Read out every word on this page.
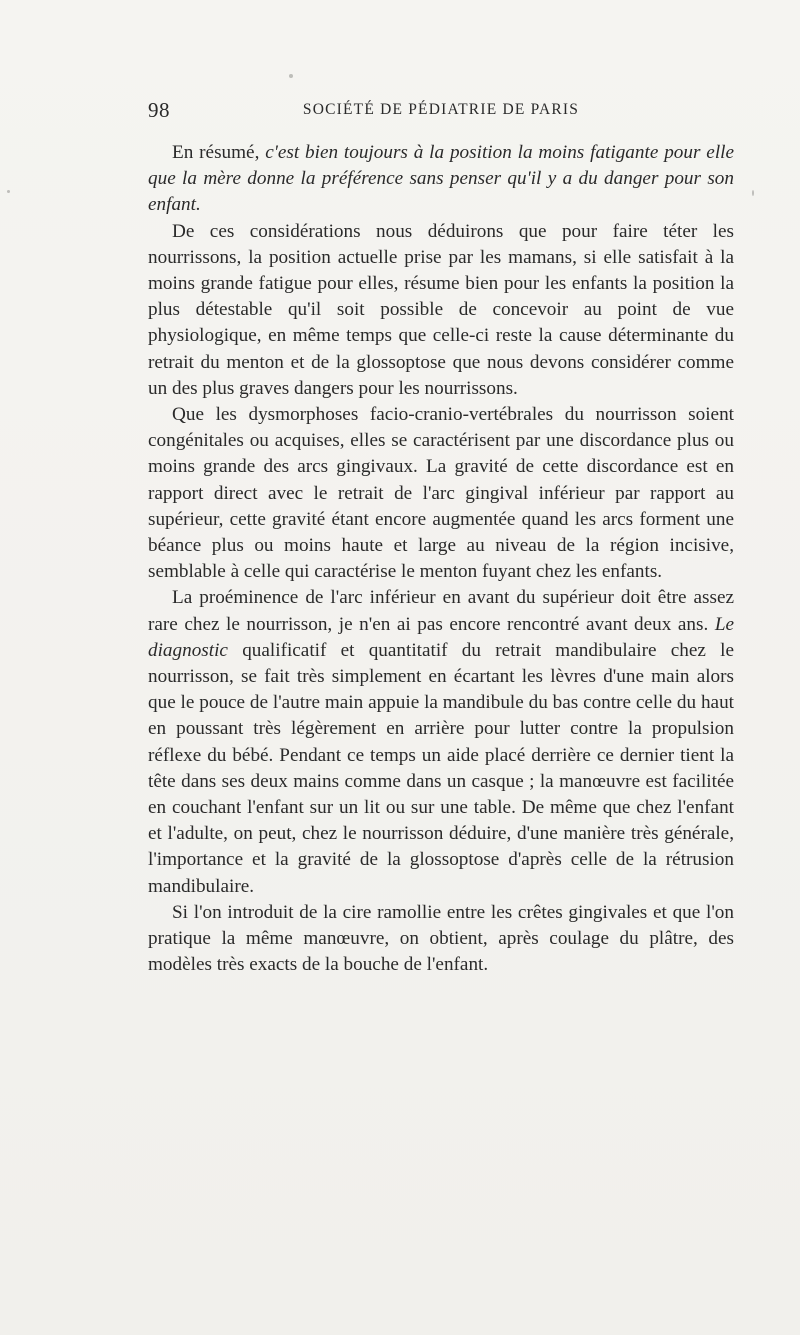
98	SOCIÉTÉ DE PÉDIATRIE DE PARIS

En résumé, c'est bien toujours à la position la moins fatigante pour elle que la mère donne la préférence sans penser qu'il y a du danger pour son enfant.

De ces considérations nous déduirons que pour faire téter les nourrissons, la position actuelle prise par les mamans, si elle satisfait à la moins grande fatigue pour elles, résume bien pour les enfants la position la plus détestable qu'il soit possible de concevoir au point de vue physiologique, en même temps que celle-ci reste la cause déterminante du retrait du menton et de la glossoptose que nous devons considérer comme un des plus graves dangers pour les nourrissons.

Que les dysmorphoses facio-cranio-vertébrales du nourrisson soient congénitales ou acquises, elles se caractérisent par une discordance plus ou moins grande des arcs gingivaux. La gravité de cette discordance est en rapport direct avec le retrait de l'arc gingival inférieur par rapport au supérieur, cette gravité étant encore augmentée quand les arcs forment une béance plus ou moins haute et large au niveau de la région incisive, semblable à celle qui caractérise le menton fuyant chez les enfants.

La proéminence de l'arc inférieur en avant du supérieur doit être assez rare chez le nourrisson, je n'en ai pas encore rencontré avant deux ans. Le diagnostic qualificatif et quantitatif du retrait mandibulaire chez le nourrisson, se fait très simplement en écartant les lèvres d'une main alors que le pouce de l'autre main appuie la mandibule du bas contre celle du haut en poussant très légèrement en arrière pour lutter contre la propulsion réflexe du bébé. Pendant ce temps un aide placé derrière ce dernier tient la tête dans ses deux mains comme dans un casque ; la manœuvre est facilitée en couchant l'enfant sur un lit ou sur une table. De même que chez l'enfant et l'adulte, on peut, chez le nourrisson déduire, d'une manière très générale, l'importance et la gravité de la glossoptose d'après celle de la rétrusion mandibulaire.

Si l'on introduit de la cire ramollie entre les crêtes gingivales et que l'on pratique la même manœuvre, on obtient, après coulage du plâtre, des modèles très exacts de la bouche de l'enfant.
